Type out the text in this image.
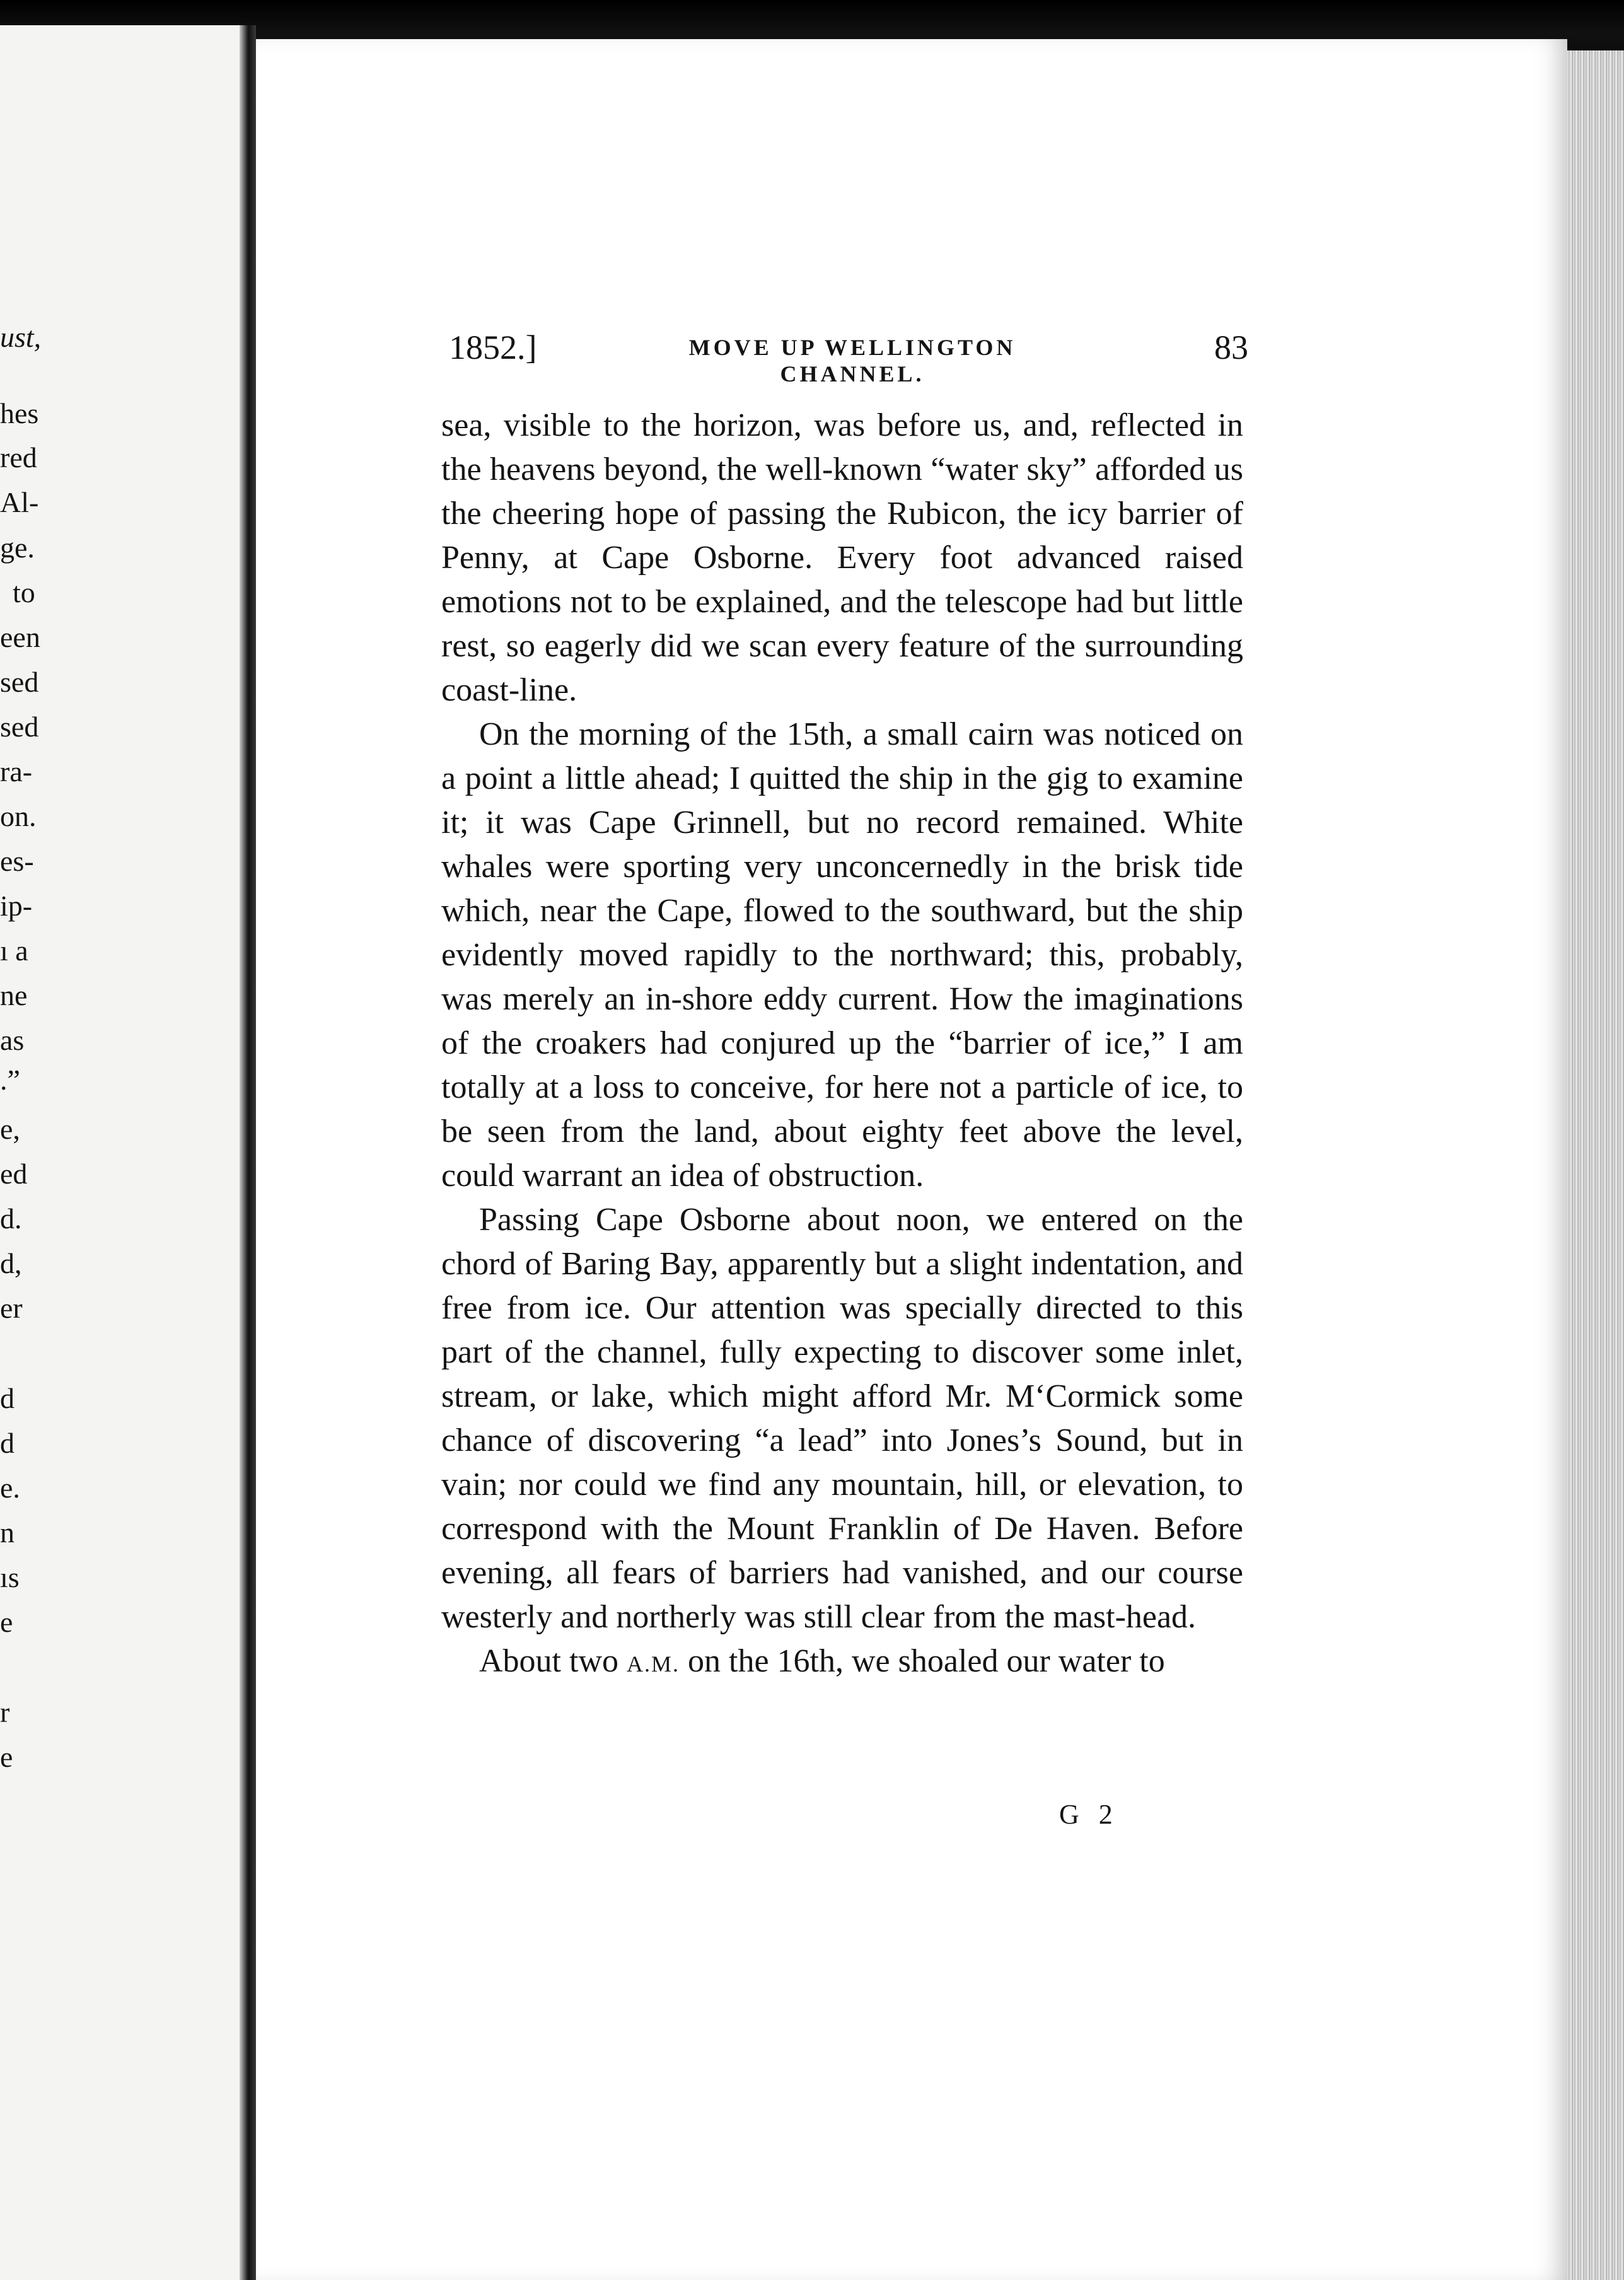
ust,
hes
red
Al-
ge.
to
een
sed
sed
ra-
on.
es-
ip-
ı a
ne
as
.”
e,
ed
d.
d,
er
d
d
e.
n
ıs
e
r
e
1852.]	MOVE UP WELLINGTON CHANNEL.
83

sea, visible to the horizon, was before us, and, reflected in the heavens beyond, the well-known “water sky” afforded us the cheering hope of passing the Rubicon, the icy barrier of Penny, at Cape Osborne. Every foot advanced raised emotions not to be explained, and the telescope had but little rest, so eagerly did we scan every feature of the surrounding coast-line.

On the morning of the 15th, a small cairn was noticed on a point a little ahead; I quitted the ship in the gig to examine it; it was Cape Grinnell, but no record remained. White whales were sporting very unconcernedly in the brisk tide which, near the Cape, flowed to the southward, but the ship evidently moved rapidly to the northward; this, probably, was merely an in-shore eddy current. How the imaginations of the croakers had conjured up the “barrier of ice,” I am totally at a loss to conceive, for here not a particle of ice, to be seen from the land, about eighty feet above the level, could warrant an idea of obstruction.

Passing Cape Osborne about noon, we entered on the chord of Baring Bay, apparently but a slight indentation, and free from ice. Our attention was specially directed to this part of the channel, fully expecting to discover some inlet, stream, or lake, which might afford Mr. M‘Cormick some chance of discovering “a lead” into Jones’s Sound, but in vain; nor could we find any mountain, hill, or elevation, to correspond with the Mount Franklin of De Haven. Before evening, all fears of barriers had vanished, and our course westerly and northerly was still clear from the mast-head.

About two A.M. on the 16th, we shoaled our water to

G 2
